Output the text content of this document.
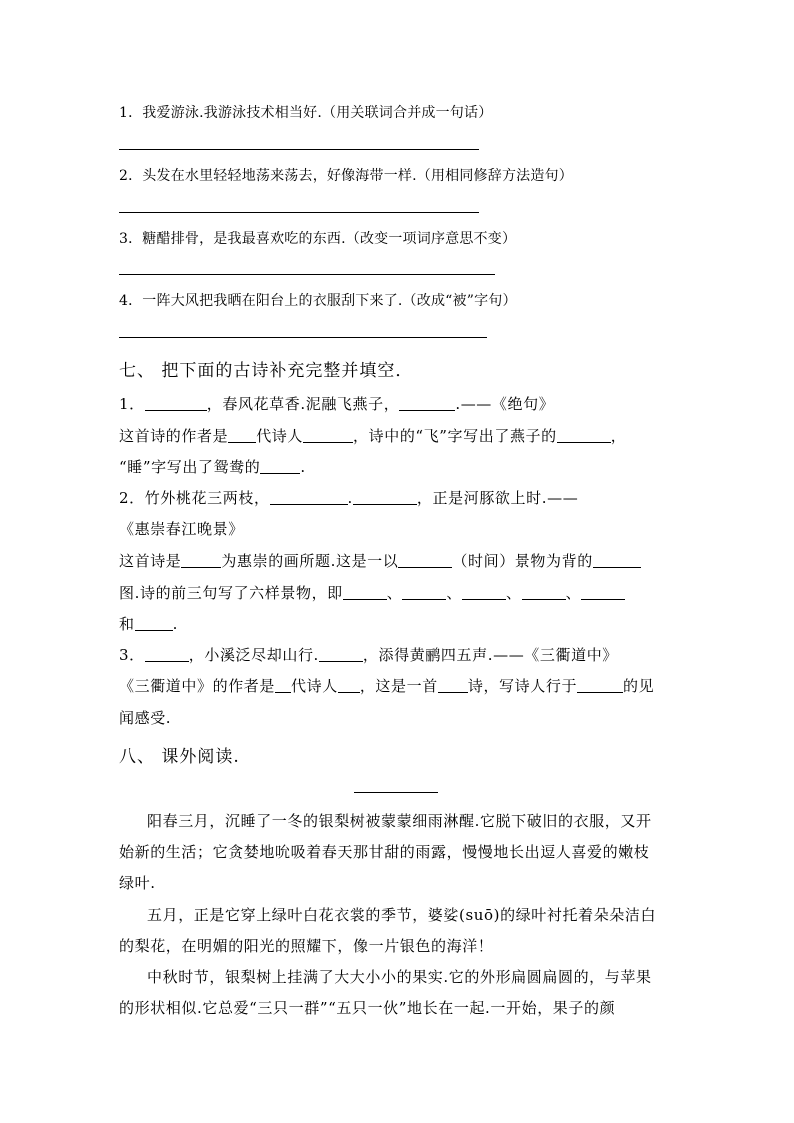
1．我爱游泳.我游泳技术相当好.（用关联词合并成一句话）
2．头发在水里轻轻地荡来荡去，好像海带一样.（用相同修辞方法造句）
3．糖醋排骨，是我最喜欢吃的东西.（改变一项词序意思不变）
4．一阵大风把我晒在阳台上的衣服刮下来了.（改成“被”字句）
七、 把下面的古诗补充完整并填空．
1．	，春风花草香.泥融飞燕子，	.——《绝句》
这首诗的作者是 代诗人	，诗中的“飞”字写出了燕子的	，
“睡”字写出了鸳鸯的	.
2．竹外桃花三两枝，	.	，正是河豚欲上时.——
《惠崇春江晚景》
这首诗是	为惠崇的画所题.这是一以	（时间）景物为背的
图.诗的前三句写了六样景物，即	、	、	、	、
和	.
3．	，小溪泛尽却山行.	，添得黄鹂四五声.——《三衢道中》
《三衢道中》的作者是 代诗人 ，这是一首 诗，写诗人行于	的见
闻感受.
八、 课外阅读.
阳春三月，沉睡了一冬的银梨树被蒙蒙细雨淋醒.它脱下破旧的衣服，又开
始新的生活；它贪婪地吮吸着春天那甘甜的雨露，慢慢地长出逗人喜爱的嫩枝
绿叶.
五月，正是它穿上绿叶白花衣裳的季节，婆娑(suō)的绿叶衬托着朵朵洁白
的梨花，在明媚的阳光的照耀下，像一片银色的海洋！
中秋时节，银梨树上挂满了大大小小的果实.它的外形扁圆扁圆的，与苹果
的形状相似.它总爱“三只一群”“五只一伙”地长在一起.一开始，果子的颜
